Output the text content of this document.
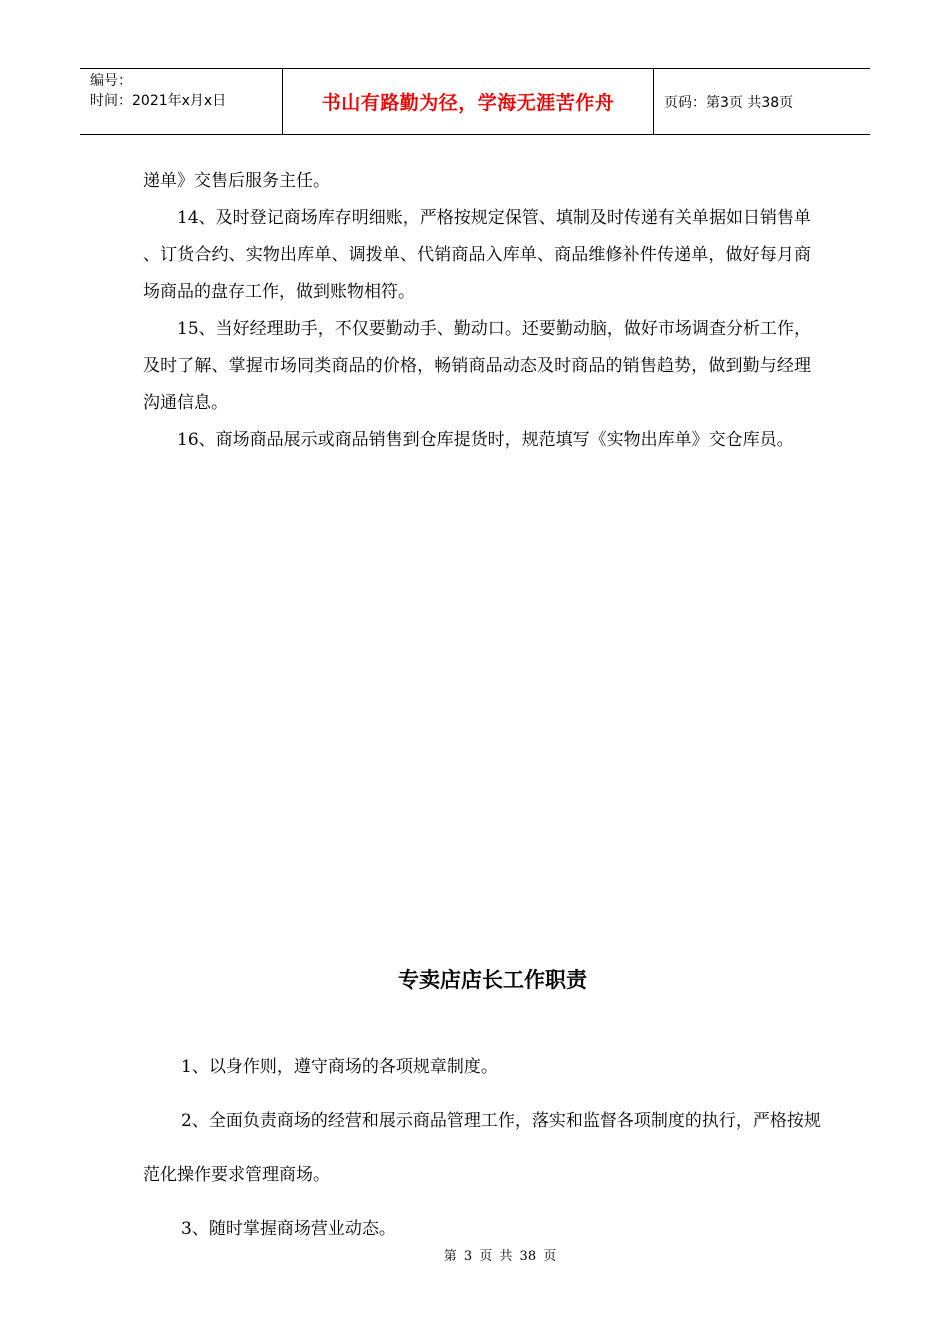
编号：
时间：2021年x月x日	书山有路勤为径，学海无涯苦作舟	页码：第3页 共38页

递单》交售后服务主任。

14、及时登记商场库存明细账，严格按规定保管、填制及时传递有关单据如日销售单 、订货合约、实物出库单、调拨单、代销商品入库单、商品维修补件传递单，做好每月商场商品的盘存工作，做到账物相符。

15、当好经理助手，不仅要勤动手、勤动口。还要勤动脑，做好市场调查分析工作，及时了解、掌握市场同类商品的价格，畅销商品动态及时商品的销售趋势，做到勤与经理沟通信息。

16、商场商品展示或商品销售到仓库提货时，规范填写《实物出库单》交仓库员。

专卖店店长工作职责

1、以身作则，遵守商场的各项规章制度。

2、全面负责商场的经营和展示商品管理工作，落实和监督各项制度的执行，严格按规范化操作要求管理商场。

3、随时掌握商场营业动态。

第 3 页 共 38 页
